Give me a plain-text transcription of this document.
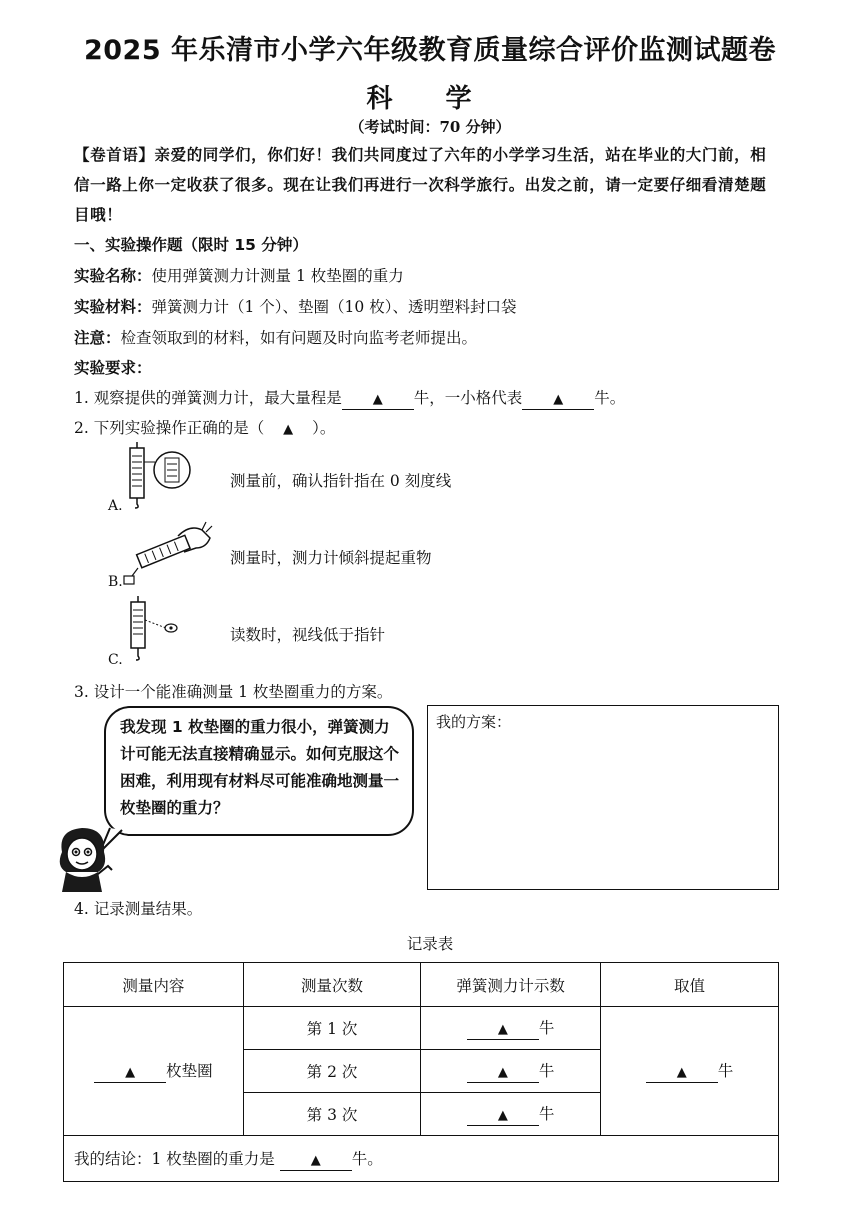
2025 年乐清市小学六年级教育质量综合评价监测试题卷
科 学
（考试时间：70 分钟）
【卷首语】亲爱的同学们，你们好！我们共同度过了六年的小学学习生活，站在毕业的大门前，相信一路上你一定收获了很多。现在让我们再进行一次科学旅行。出发之前，请一定要仔细看清楚题目哦！
一、实验操作题（限时 15 分钟）
实验名称：使用弹簧测力计测量 1 枚垫圈的重力
实验材料：弹簧测力计（1 个）、垫圈（10 枚）、透明塑料封口袋
注意：检查领取到的材料，如有问题及时向监考老师提出。
实验要求：
1. 观察提供的弹簧测力计，最大量程是 ▲ 牛，一小格代表 ▲ 牛。
2. 下列实验操作正确的是（ ▲ ）。
A.
测量前，确认指针指在 0 刻度线
B.
测量时，测力计倾斜提起重物
C.
读数时，视线低于指针
3. 设计一个能准确测量 1 枚垫圈重力的方案。
我发现 1 枚垫圈的重力很小，弹簧测力计可能无法直接精确显示。如何克服这个困难，利用现有材料尽可能准确地测量一枚垫圈的重力？
我的方案：
4. 记录测量结果。
记录表
测量内容	测量次数	弹簧测力计示数	取值
▲ 枚垫圈	第 1 次	▲ 牛	▲ 牛
	第 2 次	▲ 牛	
	第 3 次	▲ 牛	
我的结论：1 枚垫圈的重力是 ▲ 牛。			
